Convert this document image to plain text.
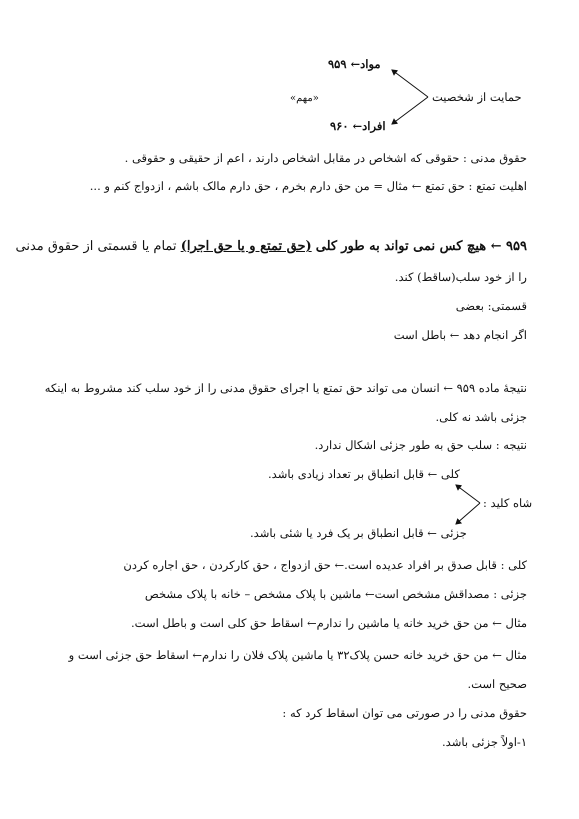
مواد← ۹۵۹
«مهم»	حمایت از شخصیت
افراد← ۹۶۰
حقوق مدنی : حقوقی که اشخاص در مقابل اشخاص دارند ، اعم از حقیقی و حقوقی .
اهلیت تمتع : حق تمتع ← مثال = من حق دارم بخرم ، حق دارم مالک باشم ، ازدواج کنم و ...
۹۵۹ ← هیچ کس نمی تواند به طور کلی (حق تمتع و یا حق اجرا) تمام یا قسمتی از حقوق مدنی
را از خود سلب(ساقط) کند.
قسمتی: بعضی
اگر انجام دهد ← باطل است
نتیجهٔ ماده ۹۵۹ ← انسان می تواند حق تمتع یا اجرای حقوق مدنی را از خود سلب کند مشروط به اینکه
جزئی باشد نه کلی.
نتیجه : سلب حق به طور جزئی اشکال ندارد.
کلی ← قابل انطباق بر تعداد زیادی باشد.
شاه کلید :
جزئی ← قابل انطباق بر یک فرد یا شئی باشد.
کلی : قابل صدق بر افراد عدیده است.← حق ازدواج ، حق کارکردن ، حق اجاره کردن
جزئی : مصداقش مشخص است← ماشین با پلاک مشخص – خانه با پلاک مشخص
مثال ← من حق خرید خانه یا ماشین را ندارم← اسقاط حق کلی است و باطل است.
مثال ← من حق خرید خانه حسن پلاک۳۲ یا ماشین پلاک فلان را ندارم← اسقاط حق جزئی است و
صحیح است.
حقوق مدنی را در صورتی می توان اسقاط کرد که :
۱-اولاً جزئی باشد.
